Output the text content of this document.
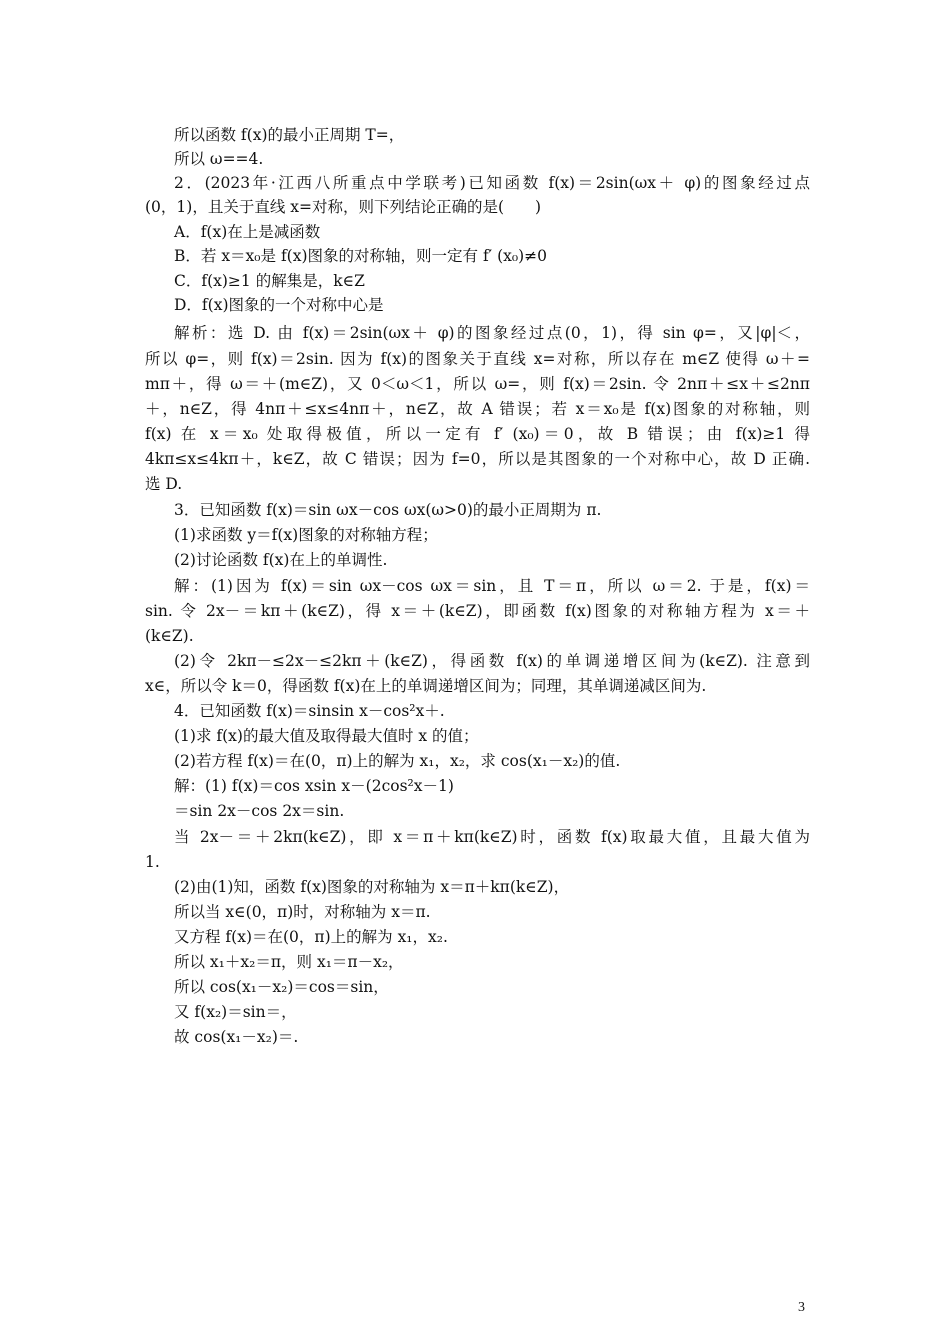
所以函数 f(x)的最小正周期 T=，
所以 ω==4.
2．(2023年·江西八所重点中学联考)已知函数 f(x)＝2sin(ωx＋ φ)的图象经过点
(0，1)，且关于直线 x=对称，则下列结论正确的是(　　)
A．f(x)在上是减函数
B．若 x＝x₀是 f(x)图象的对称轴，则一定有 f′ (x₀)≠0
C．f(x)≥1 的解集是，k∈Z
D．f(x)图象的一个对称中心是
解析：选 D. 由 f(x)＝2sin(ωx＋ φ)的图象经过点(0，1)，得 sin φ=，又|φ|＜，
所以 φ=，则 f(x)＝2sin. 因为 f(x)的图象关于直线 x=对称，所以存在 m∈Z 使得 ω＋=
mπ＋，得 ω＝＋(m∈Z)，又 0＜ω＜1，所以 ω=，则 f(x)＝2sin. 令 2nπ＋≤x＋≤2nπ
＋，n∈Z，得 4nπ＋≤x≤4nπ＋，n∈Z，故 A 错误；若 x＝x₀是 f(x)图象的对称轴，则
f(x) 在 x＝x₀ 处取得极值，所以一定有 f′ (x₀)＝0，故 B 错误；由 f(x)≥1 得
4kπ≤x≤4kπ＋，k∈Z，故 C 错误；因为 f=0，所以是其图象的一个对称中心，故 D 正确.
选 D.
3．已知函数 f(x)＝sin ωx－cos ωx(ω>0)的最小正周期为 π.
(1)求函数 y＝f(x)图象的对称轴方程；
(2)讨论函数 f(x)在上的单调性.
解：(1)因为 f(x)＝sin ωx－cos ωx＝sin，且 T＝π，所以 ω＝2. 于是，f(x)＝
sin. 令 2x－＝kπ＋(k∈Z)，得 x＝＋(k∈Z)，即函数 f(x)图象的对称轴方程为 x＝＋
(k∈Z).
(2)令 2kπ－≤2x－≤2kπ＋(k∈Z)，得函数 f(x)的单调递增区间为(k∈Z). 注意到
x∈，所以令 k＝0，得函数 f(x)在上的单调递增区间为；同理，其单调递减区间为.
4．已知函数 f(x)＝sinsin x－cos²x＋.
(1)求 f(x)的最大值及取得最大值时 x 的值；
(2)若方程 f(x)＝在(0，π)上的解为 x₁，x₂，求 cos(x₁－x₂)的值.
解：(1) f(x)＝cos xsin x－(2cos²x－1)
＝sin 2x－cos 2x＝sin.
当 2x－＝＋2kπ(k∈Z)，即 x＝π＋kπ(k∈Z)时，函数 f(x)取最大值，且最大值为
1.
(2)由(1)知，函数 f(x)图象的对称轴为 x＝π＋kπ(k∈Z)，
所以当 x∈(0，π)时，对称轴为 x＝π.
又方程 f(x)＝在(0，π)上的解为 x₁，x₂.
所以 x₁＋x₂＝π，则 x₁＝π－x₂，
所以 cos(x₁－x₂)＝cos＝sin，
又 f(x₂)＝sin＝，
故 cos(x₁－x₂)＝.
3
